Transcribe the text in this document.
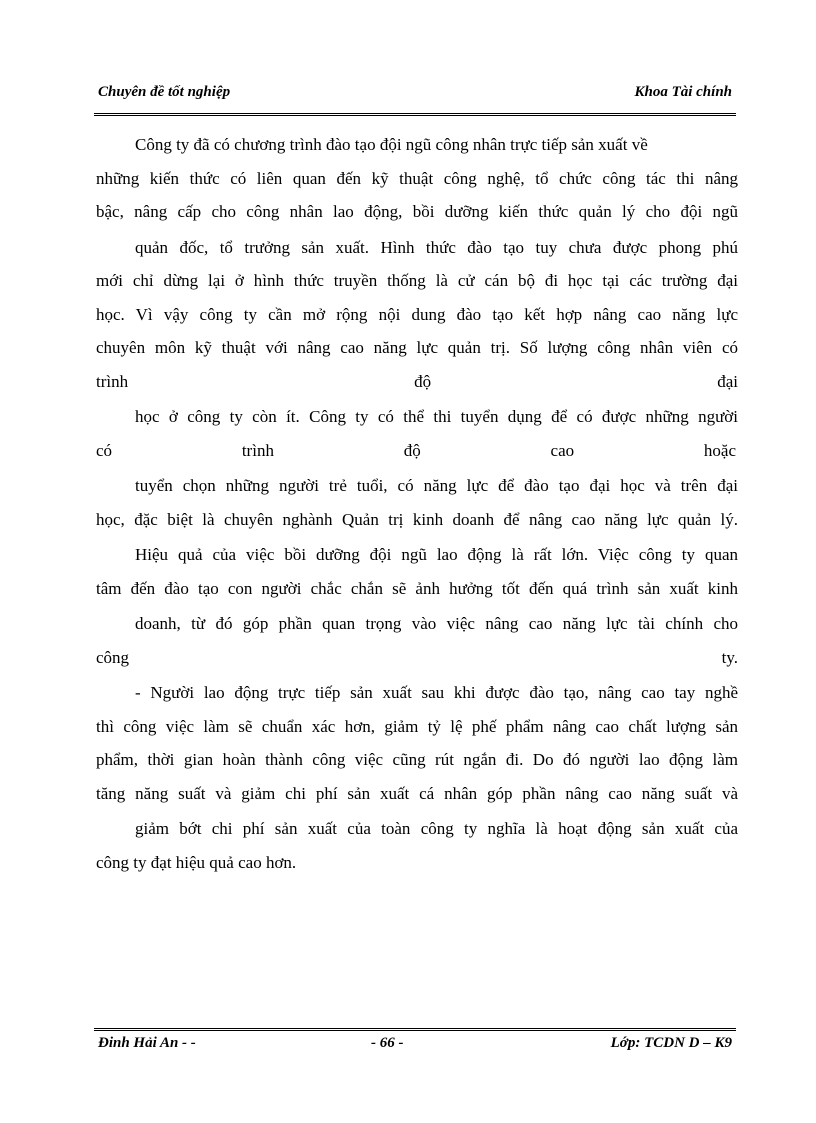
Chuyên đề tốt nghiệp	Khoa Tài chính

Công ty đã có chương trình đào tạo đội ngũ công nhân trực tiếp sản xuất về

những kiến thức có liên quan đến kỹ thuật công nghệ, tổ chức công tác thi nâng

bậc, nâng cấp cho công nhân lao động, bồi dưỡng kiến thức quản lý cho đội ngũ

quản đốc, tổ trưởng sản xuất. Hình thức đào tạo tuy chưa được phong phú

mới chỉ dừng lại ở hình thức truyền thống là cử cán bộ đi học tại các trường đại

học. Vì vậy công ty cần mở rộng nội dung đào tạo kết hợp nâng cao năng lực

chuyên môn kỹ thuật với nâng cao năng lực quản trị. Số lượng công nhân viên có

trình độ đại

học ở công ty còn ít. Công ty có thể thi tuyển dụng để có được những người

có trình độ cao hoặc

tuyển chọn những người trẻ tuổi, có năng lực để đào tạo đại học và trên đại

học, đặc biệt là chuyên nghành Quản trị kinh doanh để nâng cao năng lực quản lý.

Hiệu quả của việc bồi dưỡng đội ngũ lao động là rất lớn. Việc công ty quan

tâm đến đào tạo con người chắc chắn sẽ ảnh hưởng tốt đến quá trình sản xuất kinh

doanh, từ đó góp phần quan trọng vào việc nâng cao năng lực tài chính cho

công ty.

- Người lao động trực tiếp sản xuất sau khi được đào tạo, nâng cao tay nghề

thì công việc làm sẽ chuẩn xác hơn, giảm tỷ lệ phế phẩm nâng cao chất lượng sản

phẩm, thời gian hoàn thành công việc cũng rút ngắn đi. Do đó người lao động làm

tăng năng suất và giảm chi phí sản xuất cá nhân góp phần nâng cao năng suất và

giảm bớt chi phí sản xuất của toàn công ty nghĩa là hoạt động sản xuất của

công ty đạt hiệu quả cao hơn.

Đinh Hải An - -	- 66 -	Lớp: TCDN D – K9
